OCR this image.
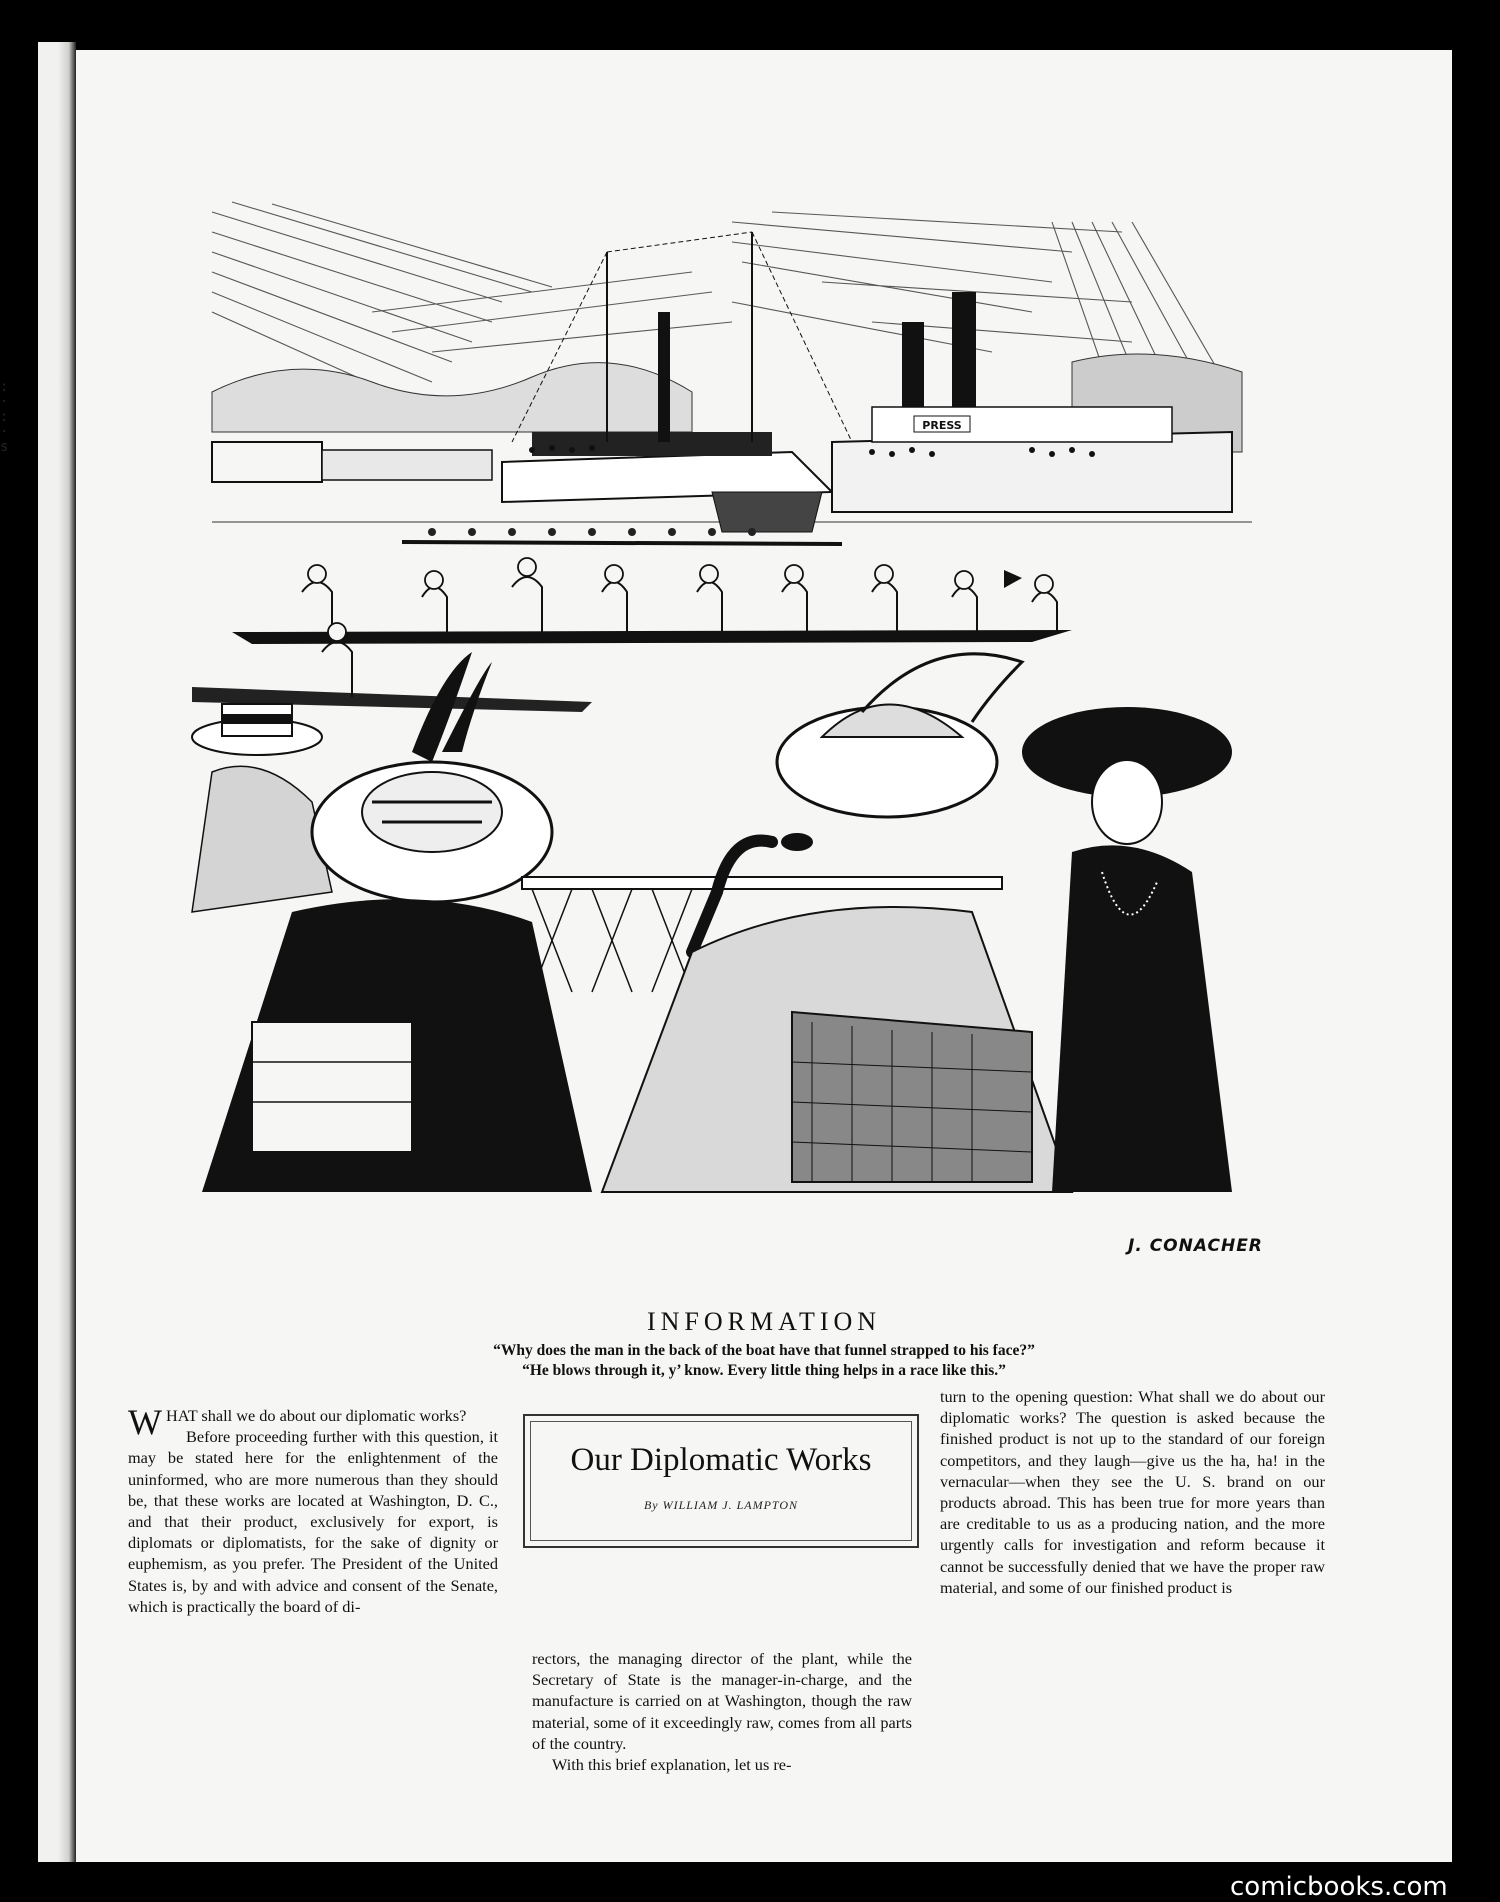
:
·
:
·
s
PRESS
J. CONACHER
INFORMATION
“Why does the man in the back of the boat have that funnel strapped to his face?”
“He blows through it, y’ know. Every little thing helps in a race like this.”

WHAT shall we do about our diplomatic works?

Before proceeding further with this question, it may be stated here for the enlightenment of the uninformed, who are more numerous than they should be, that these works are located at Washington, D. C., and that their product, exclusively for export, is diplomats or diplomatists, for the sake of dignity or euphemism, as you prefer. The President of the United States is, by and with advice and consent of the Senate, which is practically the board of di-

Our Diplomatic Works
By WILLIAM J. LAMPTON

rectors, the managing director of the plant, while the Secretary of State is the manager-in-charge, and the manufacture is carried on at Washington, though the raw material, some of it exceedingly raw, comes from all parts of the country.

With this brief explanation, let us re-

turn to the opening question: What shall we do about our diplomatic works? The question is asked because the finished product is not up to the standard of our foreign competitors, and they laugh—give us the ha, ha! in the vernacular—when they see the U. S. brand on our products abroad. This has been true for more years than are creditable to us as a producing nation, and the more urgently calls for investigation and reform because it cannot be successfully denied that we have the proper raw material, and some of our finished product is

comicbooks.com
